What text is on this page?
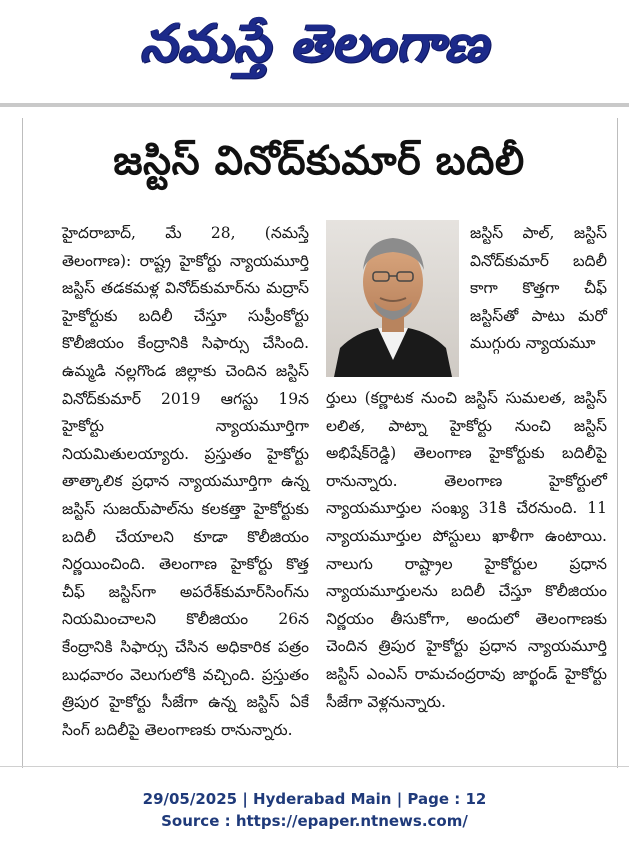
నమస్తే తెలంగాణ
జస్టిస్ వినోద్‌కుమార్ బదిలీ

హైదరాబాద్, మే 28, (నమస్తే తెలంగాణ): రాష్ట్ర హైకోర్టు న్యాయమూర్తి జస్టిస్ తడకమళ్ల వినోద్‌కుమార్‌ను మద్రాస్ హైకోర్టుకు బదిలీ చేస్తూ సుప్రీంకోర్టు కొలీజియం కేంద్రానికి సిఫార్సు చేసింది. ఉమ్మడి నల్లగొండ జిల్లాకు చెందిన జస్టిస్ వినోద్‌కుమార్ 2019 ఆగస్టు 19న హైకోర్టు న్యాయమూర్తిగా నియమితులయ్యారు. ప్రస్తుతం హైకోర్టు తాత్కాలిక ప్రధాన న్యాయమూర్తిగా ఉన్న జస్టిస్ సుజయ్‌పాల్‌ను కలకత్తా హైకోర్టుకు బదిలీ చేయాలని కూడా కొలీజియం నిర్ణయించింది. తెలంగాణ హైకోర్టు కొత్త చీఫ్ జస్టిస్‌గా అపరేశ్‌కుమార్‌సింగ్‌ను నియమించాలని కొలీజియం 26న కేంద్రానికి సిఫార్సు చేసిన అధికారిక పత్రం బుధవారం వెలుగులోకి వచ్చింది. ప్రస్తుతం త్రిపుర హైకోర్టు సీజేగా ఉన్న జస్టిస్ ఏకే సింగ్ బదిలీపై తెలంగాణకు రానున్నారు.

జస్టిస్ పాల్, జస్టిస్ వినోద్‌కుమార్ బదిలీ కాగా కొత్తగా చీఫ్ జస్టిస్‌తో పాటు మరో ముగ్గురు న్యాయమూ

ర్తులు (కర్ణాటక నుంచి జస్టిస్ సుమలత, జస్టిస్ లలిత, పాట్నా హైకోర్టు నుంచి జస్టిస్ అభిషేక్‌రెడ్డి) తెలంగాణ హైకోర్టుకు బదిలీపై రానున్నారు. తెలంగాణ హైకోర్టులో న్యాయమూర్తుల సంఖ్య 31కి చేరనుంది. 11 న్యాయమూర్తుల పోస్టులు ఖాళీగా ఉంటాయి. నాలుగు రాష్ట్రాల హైకోర్టుల ప్రధాన న్యాయమూర్తులను బదిలీ చేస్తూ కొలీజియం నిర్ణయం తీసుకోగా, అందులో తెలంగాణకు చెందిన త్రిపుర హైకోర్టు ప్రధాన న్యాయమూర్తి జస్టిస్ ఎంఎస్ రామచంద్రరావు జార్ఖండ్ హైకోర్టు సీజేగా వెళ్లనున్నారు.

29/05/2025 | Hyderabad Main | Page : 12
Source : https://epaper.ntnews.com/
